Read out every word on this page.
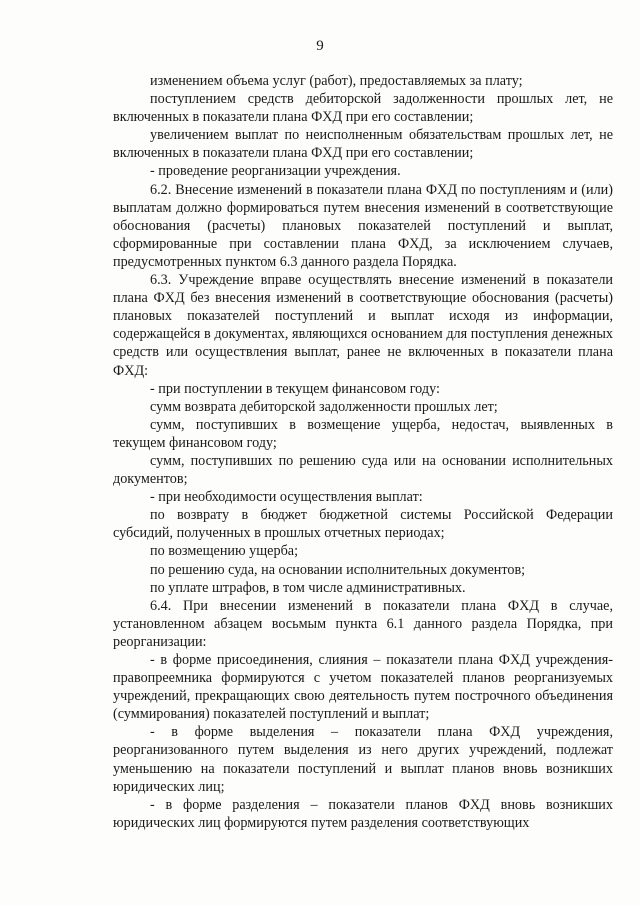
9

изменением объема услуг (работ), предоставляемых за плату;

поступлением средств дебиторской задолженности прошлых лет, не включенных в показатели плана ФХД при его составлении;

увеличением выплат по неисполненным обязательствам прошлых лет, не включенных в показатели плана ФХД при его составлении;

- проведение реорганизации учреждения.

6.2. Внесение изменений в показатели плана ФХД по поступлениям и (или) выплатам должно формироваться путем внесения изменений в соответствующие обоснования (расчеты) плановых показателей поступлений и выплат, сформированные при составлении плана ФХД, за исключением случаев, предусмотренных пунктом 6.3 данного раздела Порядка.

6.3. Учреждение вправе осуществлять внесение изменений в показатели плана ФХД без внесения изменений в соответствующие обоснования (расчеты) плановых показателей поступлений и выплат исходя из информации, содержащейся в документах, являющихся основанием для поступления денежных средств или осуществления выплат, ранее не включенных в показатели плана ФХД:

- при поступлении в текущем финансовом году:

сумм возврата дебиторской задолженности прошлых лет;

сумм, поступивших в возмещение ущерба, недостач, выявленных в текущем финансовом году;

сумм, поступивших по решению суда или на основании исполнительных документов;

- при необходимости осуществления выплат:

по возврату в бюджет бюджетной системы Российской Федерации субсидий, полученных в прошлых отчетных периодах;

по возмещению ущерба;

по решению суда, на основании исполнительных документов;

по уплате штрафов, в том числе административных.

6.4. При внесении изменений в показатели плана ФХД в случае, установленном абзацем восьмым пункта 6.1 данного раздела Порядка, при реорганизации:

- в форме присоединения, слияния – показатели плана ФХД учреждения-правопреемника формируются с учетом показателей планов реорганизуемых учреждений, прекращающих свою деятельность путем построчного объединения (суммирования) показателей поступлений и выплат;

- в форме выделения – показатели плана ФХД учреждения, реорганизованного путем выделения из него других учреждений, подлежат уменьшению на показатели поступлений и выплат планов вновь возникших юридических лиц;

- в форме разделения – показатели планов ФХД вновь возникших юридических лиц формируются путем разделения соответствующих
